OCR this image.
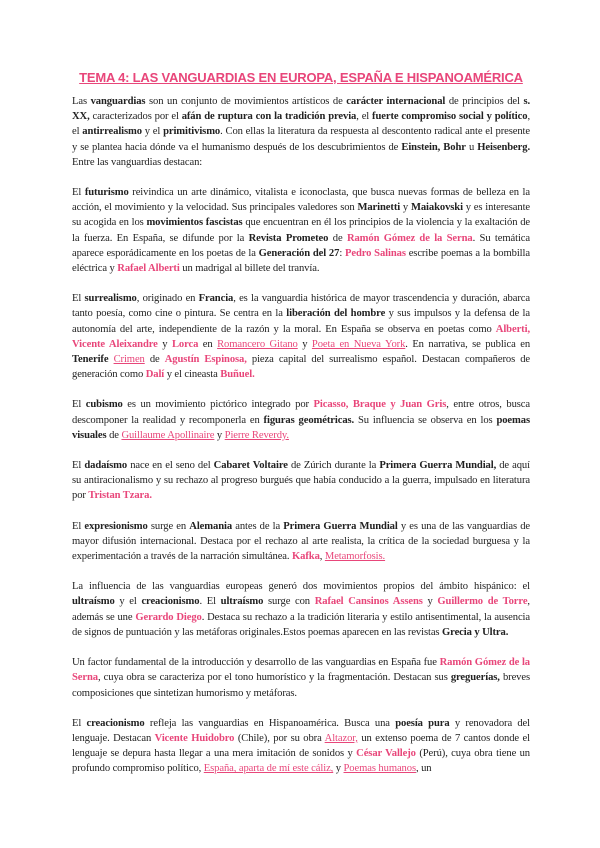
TEMA 4: LAS VANGUARDIAS EN EUROPA, ESPAÑA E HISPANOAMÉRICA

Las vanguardias son un conjunto de movimientos artísticos de carácter internacional de principios del s. XX, caracterizados por el afán de ruptura con la tradición previa, el fuerte compromiso social y político, el antirrealismo y el primitivismo. Con ellas la literatura da respuesta al descontento radical ante el presente y se plantea hacia dónde va el humanismo después de los descubrimientos de Einstein, Bohr u Heisenberg. Entre las vanguardias destacan:

El futurismo reivindica un arte dinámico, vitalista e iconoclasta, que busca nuevas formas de belleza en la acción, el movimiento y la velocidad. Sus principales valedores son Marinetti y Maiakovski y es interesante su acogida en los movimientos fascistas que encuentran en él los principios de la violencia y la exaltación de la fuerza. En España, se difunde por la Revista Prometeo de Ramón Gómez de la Serna. Su temática aparece esporádicamente en los poetas de la Generación del 27: Pedro Salinas escribe poemas a la bombilla eléctrica y Rafael Alberti un madrigal al billete del tranvía.

El surrealismo, originado en Francia, es la vanguardia histórica de mayor trascendencia y duración, abarca tanto poesía, como cine o pintura. Se centra en la liberación del hombre y sus impulsos y la defensa de la autonomía del arte, independiente de la razón y la moral. En España se observa en poetas como Alberti, Vicente Aleixandre y Lorca en Romancero Gitano y Poeta en Nueva York. En narrativa, se publica en Tenerife Crimen de Agustín Espinosa, pieza capital del surrealismo español. Destacan compañeros de generación como Dalí y el cineasta Buñuel.

El cubismo es un movimiento pictórico integrado por Picasso, Braque y Juan Gris, entre otros, busca descomponer la realidad y recomponerla en figuras geométricas. Su influencia se observa en los poemas visuales de Guillaume Apollinaire y Pierre Reverdy.

El dadaísmo nace en el seno del Cabaret Voltaire de Zúrich durante la Primera Guerra Mundial, de aquí su antiracionalismo y su rechazo al progreso burgués que había conducido a la guerra, impulsado en literatura por Tristan Tzara.

El expresionismo surge en Alemania antes de la Primera Guerra Mundial y es una de las vanguardias de mayor difusión internacional. Destaca por el rechazo al arte realista, la crítica de la sociedad burguesa y la experimentación a través de la narración simultánea. Kafka, Metamorfosis.

La influencia de las vanguardias europeas generó dos movimientos propios del ámbito hispánico: el ultraísmo y el creacionismo. El ultraísmo surge con Rafael Cansinos Assens y Guillermo de Torre, además se une Gerardo Diego. Destaca su rechazo a la tradición literaria y estilo antisentimental, la ausencia de signos de puntuación y las metáforas originales.Estos poemas aparecen en las revistas Grecia y Ultra.

Un factor fundamental de la introducción y desarrollo de las vanguardias en España fue Ramón Gómez de la Serna, cuya obra se caracteriza por el tono humorístico y la fragmentación. Destacan sus greguerías, breves composiciones que sintetizan humorismo y metáforas.

El creacionismo refleja las vanguardias en Hispanoamérica. Busca una poesía pura y renovadora del lenguaje. Destacan Vicente Huidobro (Chile), por su obra Altazor, un extenso poema de 7 cantos donde el lenguaje se depura hasta llegar a una mera imitación de sonidos y César Vallejo (Perú), cuya obra tiene un profundo compromiso político, España, aparta de mí este cáliz, y Poemas humanos, un
